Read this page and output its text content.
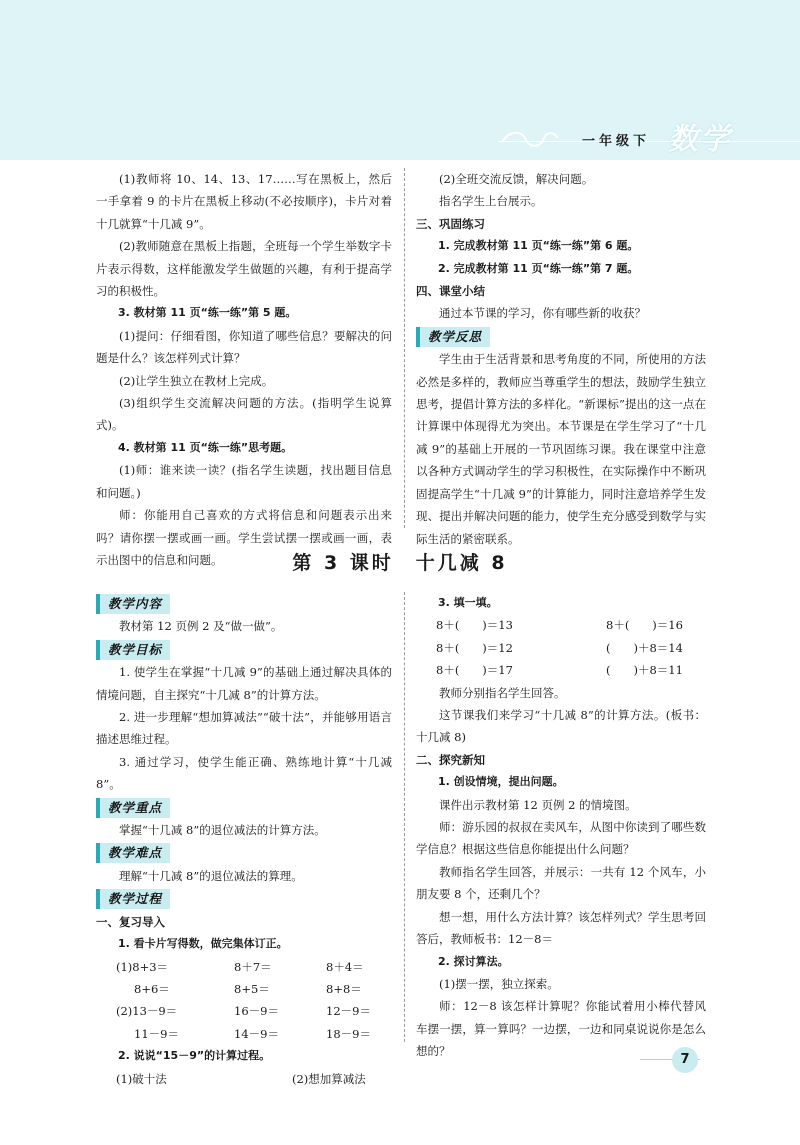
一年级下 数学

(1)教师将 10、14、13、17……写在黑板上，然后一手拿着 9 的卡片在黑板上移动(不必按顺序)，卡片对着十几就算“十几减 9”。

(2)教师随意在黑板上指题，全班每一个学生举数字卡片表示得数，这样能激发学生做题的兴趣，有利于提高学习的积极性。

3. 教材第 11 页“练一练”第 5 题。

(1)提问：仔细看图，你知道了哪些信息？要解决的问题是什么？该怎样列式计算？

(2)让学生独立在教材上完成。

(3)组织学生交流解决问题的方法。(指明学生说算式)。

4. 教材第 11 页“练一练”思考题。

(1)师：谁来读一读？(指名学生读题，找出题目信息和问题。)

师：你能用自己喜欢的方式将信息和问题表示出来吗？请你摆一摆或画一画。学生尝试摆一摆或画一画，表示出图中的信息和问题。

(2)全班交流反馈，解决问题。

指名学生上台展示。

三、巩固练习

1. 完成教材第 11 页“练一练”第 6 题。

2. 完成教材第 11 页“练一练”第 7 题。

四、课堂小结

通过本节课的学习，你有哪些新的收获？

教学反思

学生由于生活背景和思考角度的不同，所使用的方法必然是多样的，教师应当尊重学生的想法，鼓励学生独立思考，提倡计算方法的多样化。“新课标”提出的这一点在计算课中体现得尤为突出。本节课是在学生学习了“十几减 9”的基础上开展的一节巩固练习课。我在课堂中注意以各种方式调动学生的学习积极性，在实际操作中不断巩固提高学生“十几减 9”的计算能力，同时注意培养学生发现、提出并解决问题的能力，使学生充分感受到数学与实际生活的紧密联系。

第 3 课时　十几减 8
教学内容

教材第 12 页例 2 及“做一做”。

教学目标

1. 使学生在掌握“十几减 9”的基础上通过解决具体的情境问题，自主探究“十几减 8”的计算方法。

2. 进一步理解“想加算减法”“破十法”，并能够用语言描述思维过程。

3. 通过学习，使学生能正确、熟练地计算“十几减 8”。

教学重点

掌握“十几减 8”的退位减法的计算方法。

教学难点

理解“十几减 8”的退位减法的算理。

教学过程

一、复习导入

1. 看卡片写得数，做完集体订正。

(1)8+3＝	8＋7＝	8＋4＝
8+6＝	8+5＝	8+8＝
(2)13－9＝	16－9＝	12－9＝
11－9＝	14－9＝	18－9＝

2. 说说“15－9”的计算过程。

(1)破十法	(2)想加算减法

3. 填一填。

8＋(　　)＝13	8＋(　　)＝16
8＋(　　)＝12	(　　)＋8＝14
8＋(　　)＝17	(　　)＋8＝11

教师分别指名学生回答。

这节课我们来学习“十几减 8”的计算方法。(板书：十几减 8)

二、探究新知

1. 创设情境，提出问题。

课件出示教材第 12 页例 2 的情境图。

师：游乐园的叔叔在卖风车，从图中你读到了哪些数学信息？根据这些信息你能提出什么问题？

教师指名学生回答，并展示：一共有 12 个风车，小朋友要 8 个，还剩几个？

想一想，用什么方法计算？该怎样列式？学生思考回答后，教师板书：12－8＝

2. 探讨算法。

(1)摆一摆，独立探索。

师：12－8 该怎样计算呢？你能试着用小棒代替风车摆一摆，算一算吗？一边摆，一边和同桌说说你是怎么想的？

7
